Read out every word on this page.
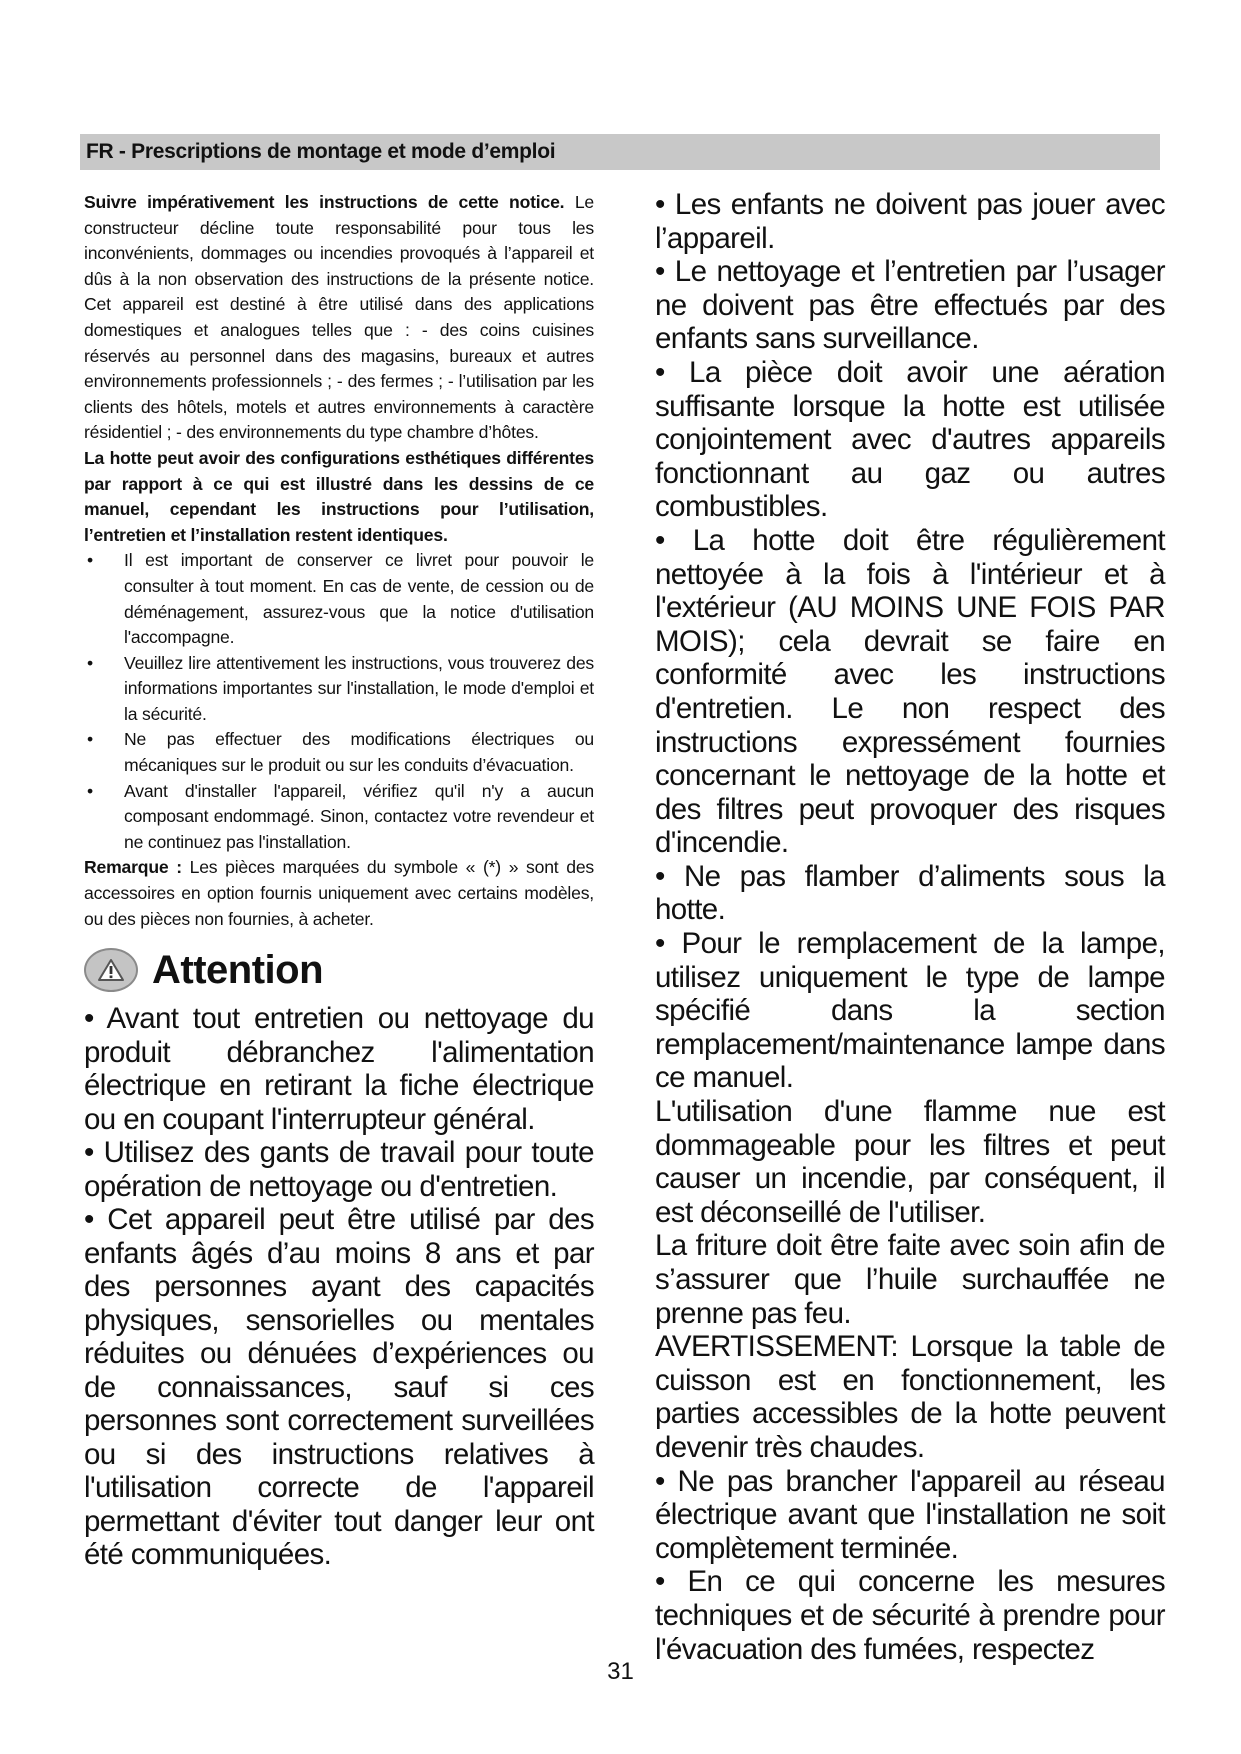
FR - Prescriptions de montage et mode d’emploi

Suivre impérativement les instructions de cette notice. Le constructeur décline toute responsabilité pour tous les inconvénients, dommages ou incendies provoqués à l’appareil et dûs à la non observation des instructions de la présente notice. Cet appareil est destiné à être utilisé dans des applications domestiques et analogues telles que : - des coins cuisines réservés au personnel dans des magasins, bureaux et autres environnements professionnels ; - des fermes ; - l’utilisation par les clients des hôtels, motels et autres environnements à caractère résidentiel ; - des environnements du type chambre d’hôtes.

La hotte peut avoir des configurations esthétiques différentes par rapport à ce qui est illustré dans les dessins de ce manuel, cependant les instructions pour l’utilisation, l’entretien et l’installation restent identiques.

• Il est important de conserver ce livret pour pouvoir le consulter à tout moment. En cas de vente, de cession ou de déménagement, assurez-vous que la notice d'utilisation l'accompagne.
• Veuillez lire attentivement les instructions, vous trouverez des informations importantes sur l'installation, le mode d'emploi et la sécurité.
• Ne pas effectuer des modifications électriques ou mécaniques sur le produit ou sur les conduits d’évacuation.
• Avant d'installer l'appareil, vérifiez qu'il n'y a aucun composant endommagé. Sinon, contactez votre revendeur et ne continuez pas l'installation.

Remarque : Les pièces marquées du symbole « (*) » sont des accessoires en option fournis uniquement avec certains modèles, ou des pièces non fournies, à acheter.

Attention

• Avant tout entretien ou nettoyage du produit débranchez l'alimentation électrique en retirant la fiche électrique ou en coupant l'interrupteur général.

• Utilisez des gants de travail pour toute opération de nettoyage ou d'entretien.

• Cet appareil peut être utilisé par des enfants âgés d’au moins 8 ans et par des personnes ayant des capacités physiques, sensorielles ou mentales réduites ou dénuées d’expériences ou de connaissances, sauf si ces personnes sont correctement surveillées ou si des instructions relatives à l'utilisation correcte de l'appareil permettant d'éviter tout danger leur ont été communiquées.

• Les enfants ne doivent pas jouer avec l’appareil.

• Le nettoyage et l’entretien par l’usager ne doivent pas être effectués par des enfants sans surveillance.

• La pièce doit avoir une aération suffisante lorsque la hotte est utilisée conjointement avec d'autres appareils fonctionnant au gaz ou autres combustibles.

• La hotte doit être régulièrement nettoyée à la fois à l'intérieur et à l'extérieur (AU MOINS UNE FOIS PAR MOIS); cela devrait se faire en conformité avec les instructions d'entretien. Le non respect des instructions expressément fournies concernant le nettoyage de la hotte et des filtres peut provoquer des risques d'incendie.

• Ne pas flamber d’aliments sous la hotte.

• Pour le remplacement de la lampe, utilisez uniquement le type de lampe spécifié dans la section remplacement/maintenance lampe dans ce manuel.

L'utilisation d'une flamme nue est dommageable pour les filtres et peut causer un incendie, par conséquent, il est déconseillé de l'utiliser.

La friture doit être faite avec soin afin de s’assurer que l’huile surchauffée ne prenne pas feu.

AVERTISSEMENT: Lorsque la table de cuisson est en fonctionnement, les parties accessibles de la hotte peuvent devenir très chaudes.

• Ne pas brancher l'appareil au réseau électrique avant que l'installation ne soit complètement terminée.

• En ce qui concerne les mesures techniques et de sécurité à prendre pour l'évacuation des fumées, respectez

31
